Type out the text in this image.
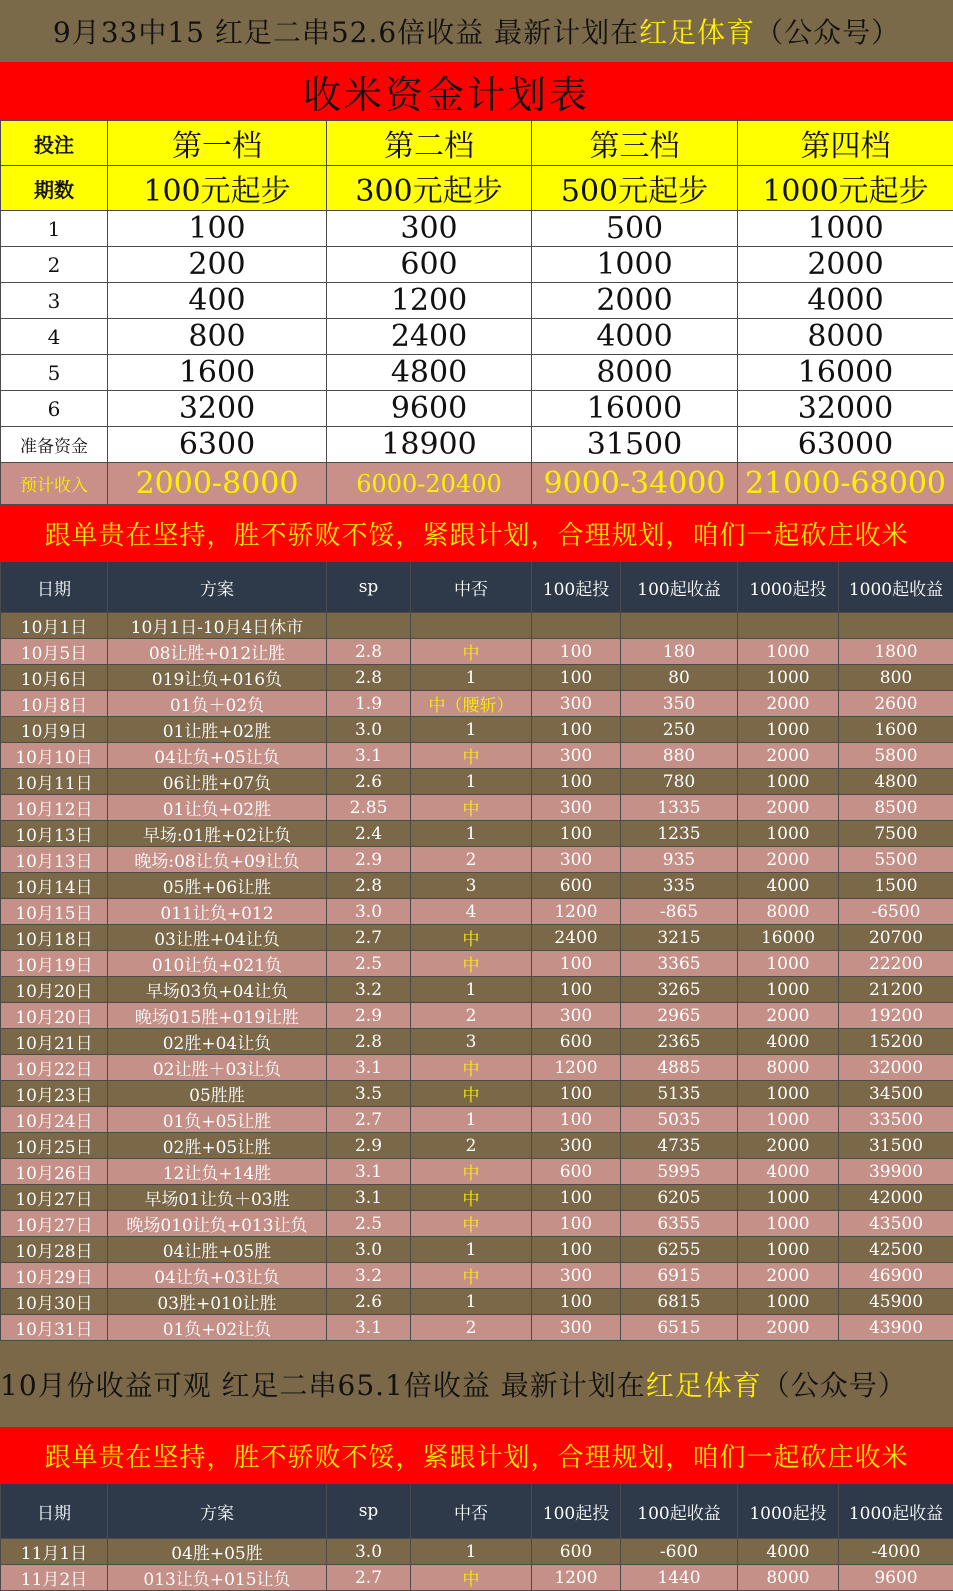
9月33中15 红足二串52.6倍收益 最新计划在 红足体育 （公众号）
收米资金计划表
投注	第一档	第二档	第三档	第四档
期数	100元起步	300元起步	500元起步	1000元起步
1	100	300	500	1000
2	200	600	1000	2000
3	400	1200	2000	4000
4	800	2400	4000	8000
5	1600	4800	8000	16000
6	3200	9600	16000	32000
准备资金	6300	18900	31500	63000
预计收入	2000-8000	6000-20400	9000-34000	21000-68000
跟单贵在坚持，胜不骄败不馁，紧跟计划，合理规划，咱们一起砍庄收米
日期	方案	sp	中否	100起投	100起收益	1000起投	1000起收益
10月1日	10月1日-10月4日休市						
10月5日	08让胜+012让胜	2.8	中	100	180	1000	1800
10月6日	019让负+016负	2.8	1	100	80	1000	800
10月8日	01负＋02负	1.9	中（腰斩）	300	350	2000	2600
10月9日	01让胜+02胜	3.0	1	100	250	1000	1600
10月10日	04让负+05让负	3.1	中	300	880	2000	5800
10月11日	06让胜+07负	2.6	1	100	780	1000	4800
10月12日	01让负+02胜	2.85	中	300	1335	2000	8500
10月13日	早场:01胜+02让负	2.4	1	100	1235	1000	7500
10月13日	晚场:08让负+09让负	2.9	2	300	935	2000	5500
10月14日	05胜+06让胜	2.8	3	600	335	4000	1500
10月15日	011让负+012	3.0	4	1200	-865	8000	-6500
10月18日	03让胜+04让负	2.7	中	2400	3215	16000	20700
10月19日	010让负+021负	2.5	中	100	3365	1000	22200
10月20日	早场03负+04让负	3.2	1	100	3265	1000	21200
10月20日	晚场015胜+019让胜	2.9	2	300	2965	2000	19200
10月21日	02胜+04让负	2.8	3	600	2365	4000	15200
10月22日	02让胜＋03让负	3.1	中	1200	4885	8000	32000
10月23日	05胜胜	3.5	中	100	5135	1000	34500
10月24日	01负+05让胜	2.7	1	100	5035	1000	33500
10月25日	02胜+05让胜	2.9	2	300	4735	2000	31500
10月26日	12让负+14胜	3.1	中	600	5995	4000	39900
10月27日	早场01让负＋03胜	3.1	中	100	6205	1000	42000
10月27日	晚场010让负+013让负	2.5	中	100	6355	1000	43500
10月28日	04让胜+05胜	3.0	1	100	6255	1000	42500
10月29日	04让负+03让负	3.2	中	300	6915	2000	46900
10月30日	03胜+010让胜	2.6	1	100	6815	1000	45900
10月31日	01负+02让负	3.1	2	300	6515	2000	43900
10月份收益可观 红足二串65.1倍收益 最新计划在 红足体育 （公众号）
跟单贵在坚持，胜不骄败不馁，紧跟计划，合理规划，咱们一起砍庄收米
日期	方案	sp	中否	100起投	100起收益	1000起投	1000起收益
11月1日	04胜+05胜	3.0	1	600	-600	4000	-4000
11月2日	013让负+015让负	2.7	中	1200	1440	8000	9600
